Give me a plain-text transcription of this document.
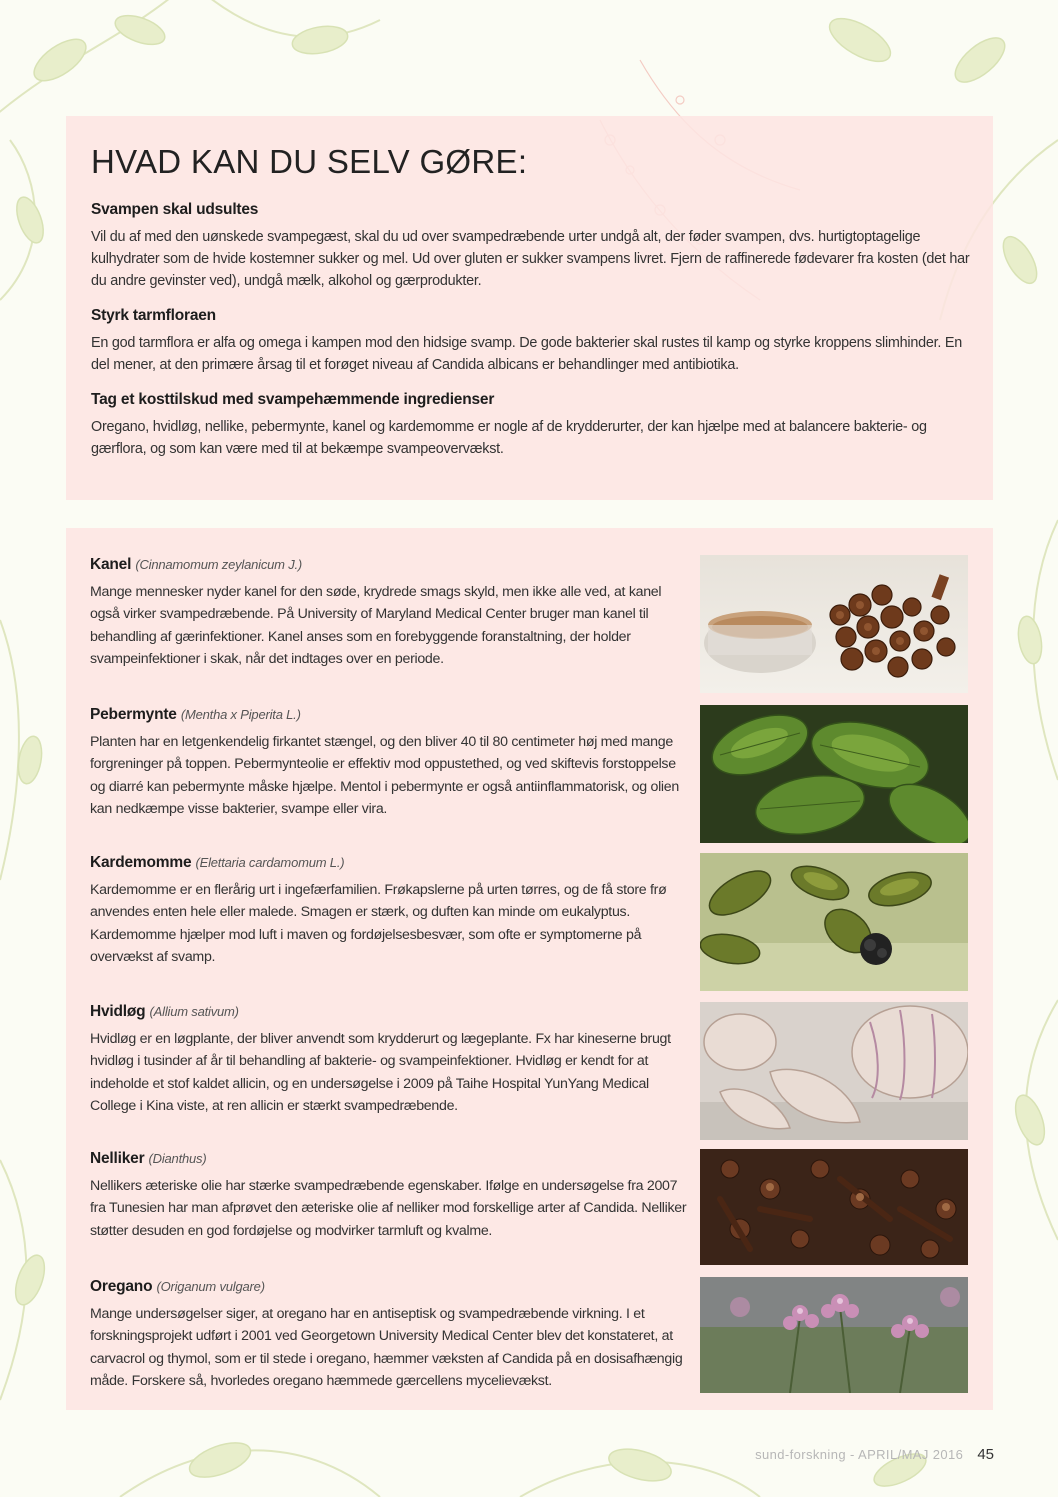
HVAD KAN DU SELV GØRE:
Svampen skal udsultes

Vil du af med den uønskede svampegæst, skal du ud over svampedræbende urter undgå alt, der føder svampen, dvs. hurtigtoptagelige kulhydrater som de hvide kostemner sukker og mel. Ud over gluten er sukker svampens livret. Fjern de raffinerede fødevarer fra kosten (det har du andre gevinster ved), undgå mælk, alkohol og gærprodukter.

Styrk tarmfloraen

En god tarmflora er alfa og omega i kampen mod den hidsige svamp. De gode bakterier skal rustes til kamp og styrke kroppens slimhinder. En del mener, at den primære årsag til et forøget niveau af Candida albicans er behandlinger med antibiotika.

Tag et kosttilskud med svampehæmmende ingredienser

Oregano, hvidløg, nellike, pebermynte, kanel og kardemomme er nogle af de krydderurter, der kan hjælpe med at balancere bakterie- og gærflora, og som kan være med til at bekæmpe svampeovervækst.

Kanel (Cinnamomum zeylanicum J.)

Mange mennesker nyder kanel for den søde, krydrede smags skyld, men ikke alle ved, at kanel også virker svampedræbende. På University of Maryland Medical Center bruger man kanel til behandling af gærinfektioner. Kanel anses som en forebyggende foranstaltning, der holder svampeinfektioner i skak, når det indtages over en periode.

Pebermynte (Mentha x Piperita L.)

Planten har en letgenkendelig firkantet stængel, og den bliver 40 til 80 centimeter høj med mange forgreninger på toppen. Pebermynteolie er effektiv mod oppustethed, og ved skiftevis forstoppelse og diarré kan pebermynte måske hjælpe. Mentol i pebermynte er også antiinflammatorisk, og olien kan nedkæmpe visse bakterier, svampe eller vira.

Kardemomme (Elettaria cardamomum L.)

Kardemomme er en flerårig urt i ingefærfamilien. Frøkapslerne på urten tørres, og de få store frø anvendes enten hele eller malede. Smagen er stærk, og duften kan minde om eukalyptus. Kardemomme hjælper mod luft i maven og fordøjelsesbesvær, som ofte er symptomerne på overvækst af svamp.

Hvidløg (Allium sativum)

Hvidløg er en løgplante, der bliver anvendt som krydderurt og lægeplante. Fx har kineserne brugt hvidløg i tusinder af år til behandling af bakterie- og svampeinfektioner. Hvidløg er kendt for at indeholde et stof kaldet allicin, og en undersøgelse i 2009 på Taihe Hospital YunYang Medical College i Kina viste, at ren allicin er stærkt svampedræbende.

Nelliker (Dianthus)

Nellikers æteriske olie har stærke svampedræbende egenskaber. Ifølge en undersøgelse fra 2007 fra Tunesien har man afprøvet den æteriske olie af nelliker mod forskellige arter af Candida. Nelliker støtter desuden en god fordøjelse og modvirker tarmluft og kvalme.

Oregano (Origanum vulgare)

Mange undersøgelser siger, at oregano har en antiseptisk og svampedræbende virkning. I et forskningsprojekt udført i 2001 ved Georgetown University Medical Center blev det konstateret, at carvacrol og thymol, som er til stede i oregano, hæmmer væksten af Candida på en dosisafhængig måde. Forskere så, hvorledes oregano hæmmede gærcellens mycelievækst.

sund-forskning - APRIL/MAJ 2016 45
